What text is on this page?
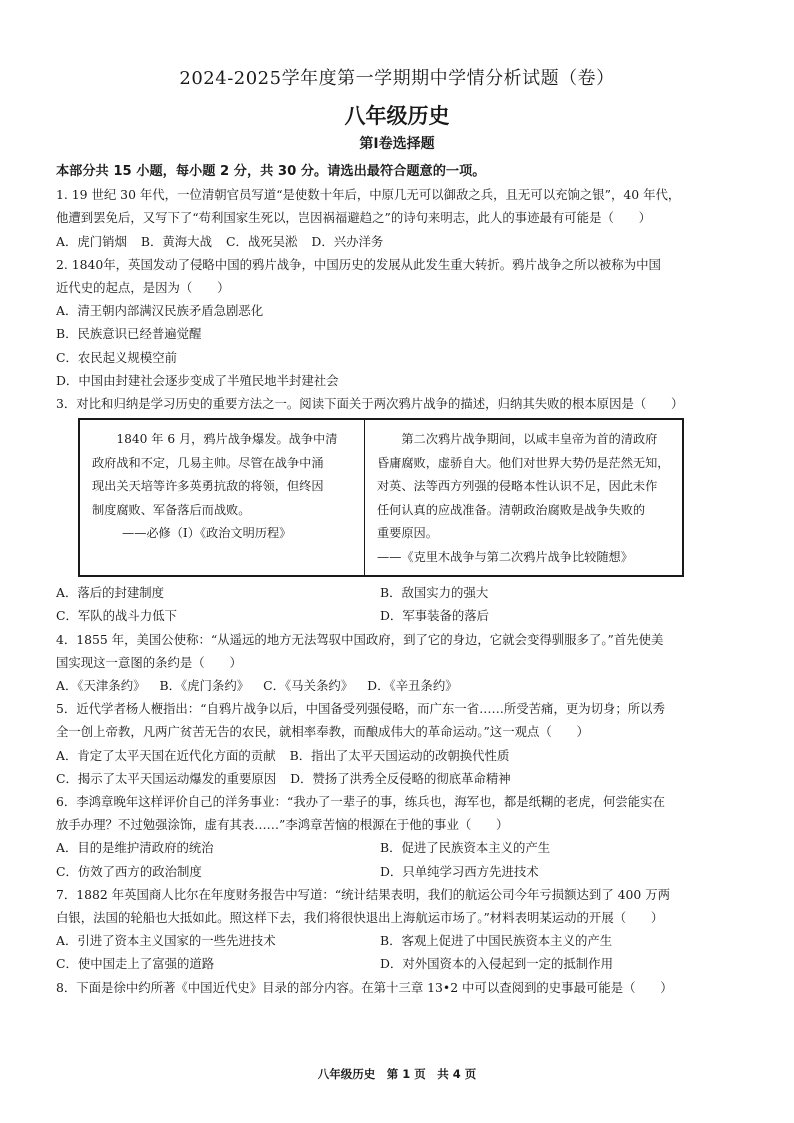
2024-2025学年度第一学期期中学情分析试题（卷）
八年级历史
第Ⅰ卷选择题
本部分共 15 小题，每小题 2 分，共 30 分。请选出最符合题意的一项。

1. 19 世纪 30 年代，一位清朝官员写道“是使数十年后，中原几无可以御敌之兵，且无可以充饷之银”，40 年代，

他遭到罢免后，又写下了“苟利国家生死以，岂因祸福避趋之”的诗句来明志，此人的事迹最有可能是（　　）

A．虎门销烟 B．黄海大战 C．战死吴淞 D．兴办洋务

2. 1840年，英国发动了侵略中国的鸦片战争，中国历史的发展从此发生重大转折。鸦片战争之所以被称为中国

近代史的起点，是因为（　　）

A．清王朝内部满汉民族矛盾急剧恶化

B．民族意识已经普遍觉醒

C．农民起义规模空前

D．中国由封建社会逐步变成了半殖民地半封建社会

3．对比和归纳是学习历史的重要方法之一。阅读下面关于两次鸦片战争的描述，归纳其失败的根本原因是（　　）

1840 年 6 月，鸦片战争爆发。战争中清

政府战和不定，几易主帅。尽管在战争中涌

现出关天培等许多英勇抗敌的将领，但终因

制度腐败、军备落后而战败。

——必修（Ⅰ）《政治文明历程》

第二次鸦片战争期间，以咸丰皇帝为首的清政府

昏庸腐败，虚骄自大。他们对世界大势仍是茫然无知，

对英、法等西方列强的侵略本性认识不足，因此未作

任何认真的应战准备。清朝政治腐败是战争失败的

重要原因。

——《克里木战争与第二次鸦片战争比较随想》

A．落后的封建制度	B．敌国实力的强大
C．军队的战斗力低下	D．军事装备的落后

4．1855 年，美国公使称：“从遥远的地方无法驾驭中国政府，到了它的身边，它就会变得驯服多了。”首先使美

国实现这一意图的条约是（　　）

A．《天津条约》 B．《虎门条约》 C．《马关条约》 D．《辛丑条约》

5．近代学者杨人楩指出：“自鸦片战争以后，中国备受列强侵略，而广东一省……所受苦痛，更为切身；所以秀

全一创上帝教，凡两广贫苦无告的农民，就相率奉教，而酿成伟大的革命运动。”这一观点（　　）

A．肯定了太平天国在近代化方面的贡献 B．指出了太平天国运动的改朝换代性质
C．揭示了太平天国运动爆发的重要原因 D．赞扬了洪秀全反侵略的彻底革命精神

6．李鸿章晚年这样评价自己的洋务事业：“我办了一辈子的事，练兵也，海军也，都是纸糊的老虎，何尝能实在

放手办理？不过勉强涂饰，虚有其表……”李鸿章苦恼的根源在于他的事业（　　）

A．目的是维护清政府的统治	B．促进了民族资本主义的产生
C．仿效了西方的政治制度	D．只单纯学习西方先进技术

7．1882 年英国商人比尔在年度财务报告中写道：“统计结果表明，我们的航运公司今年亏损额达到了 400 万两

白银，法国的轮船也大抵如此。照这样下去，我们将很快退出上海航运市场了。”材料表明某运动的开展（　　）

A．引进了资本主义国家的一些先进技术	B．客观上促进了中国民族资本主义的产生
C．使中国走上了富强的道路	D．对外国资本的入侵起到一定的抵制作用

8．下面是徐中约所著《中国近代史》目录的部分内容。在第十三章 13•2 中可以查阅到的史事最可能是（　　）

八年级历史　第 1 页　共 4 页
